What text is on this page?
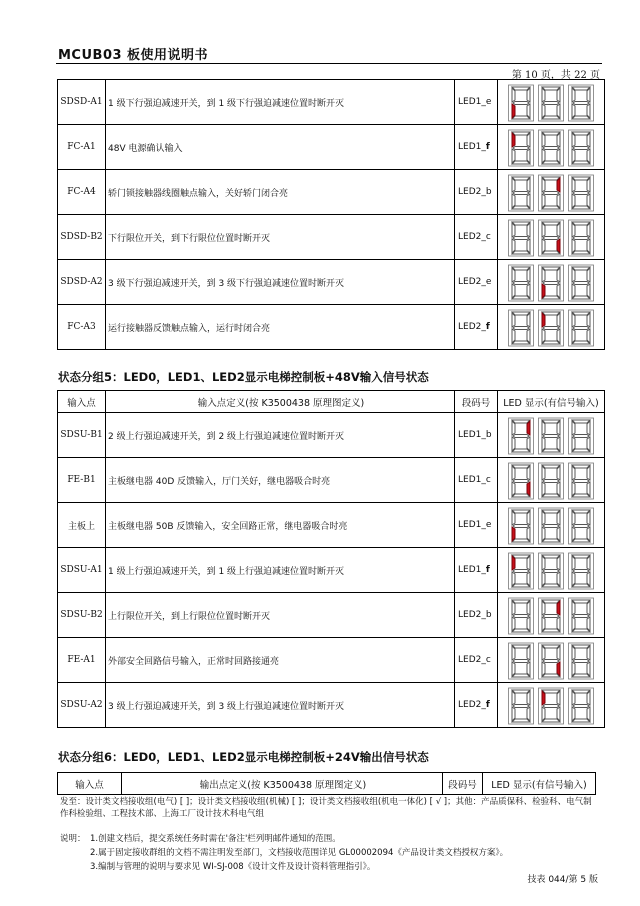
MCUB03 板使用说明书
第 10 页，共 22 页
SDSD-A1	1 级下行强迫减速开关，到 1 级下行强迫减速位置时断开灭	LED1_e	

FC-A1	48V 电源确认输入	LED1_f	

FC-A4	轿门锁接触器线圈触点输入，关好轿门闭合亮	LED2_b	

SDSD-B2	下行限位开关，到下行限位位置时断开灭	LED2_c	

SDSD-A2	3 级下行强迫减速开关，到 3 级下行强迫减速位置时断开灭	LED2_e	

FC-A3	运行接触器反馈触点输入，运行时闭合亮	LED2_f	
状态分组5：LED0，LED1、LED2显示电梯控制板+48V输入信号状态
输入点	输入点定义(按 K3500438 原理图定义)	段码号	LED 显示(有信号输入)
SDSU-B1	2 级上行强迫减速开关，到 2 级上行强迫减速位置时断开灭	LED1_b	

FE-B1	主板继电器 40D 反馈输入，厅门关好，继电器吸合时亮	LED1_c	

主板上	主板继电器 50B 反馈输入，安全回路正常，继电器吸合时亮	LED1_e	

SDSU-A1	1 级上行强迫减速开关，到 1 级上行强迫减速位置时断开灭	LED1_f	

SDSU-B2	上行限位开关，到上行限位位置时断开灭	LED2_b	

FE-A1	外部安全回路信号输入，正常时回路接通亮	LED2_c	

SDSU-A2	3 级上行强迫减速开关，到 3 级上行强迫减速位置时断开灭	LED2_f	
状态分组6：LED0，LED1、LED2显示电梯控制板+24V输出信号状态
输入点	输出点定义(按 K3500438 原理图定义)	段码号	LED 显示(有信号输入)
发至：设计类文档接收组(电气) [ ]；设计类文档接收组(机械) [ ]；设计类文档接收组(机电一体化) [ √ ]；其他：产品质保科、检验科、电气制作科检验组、工程技术部、上海工厂设计技术科电气组
说明： 1.创建文档后，提交系统任务时需在'备注'栏列明邮件通知的范围。
2.属于固定接收群组的文档不需注明发至部门，文档接收范围详见 GL00002094《产品设计类文档授权方案》。
3.编制与管理的说明与要求见 WI-SJ-008《设计文件及设计资料管理指引》。
技表 044/第 5 版
